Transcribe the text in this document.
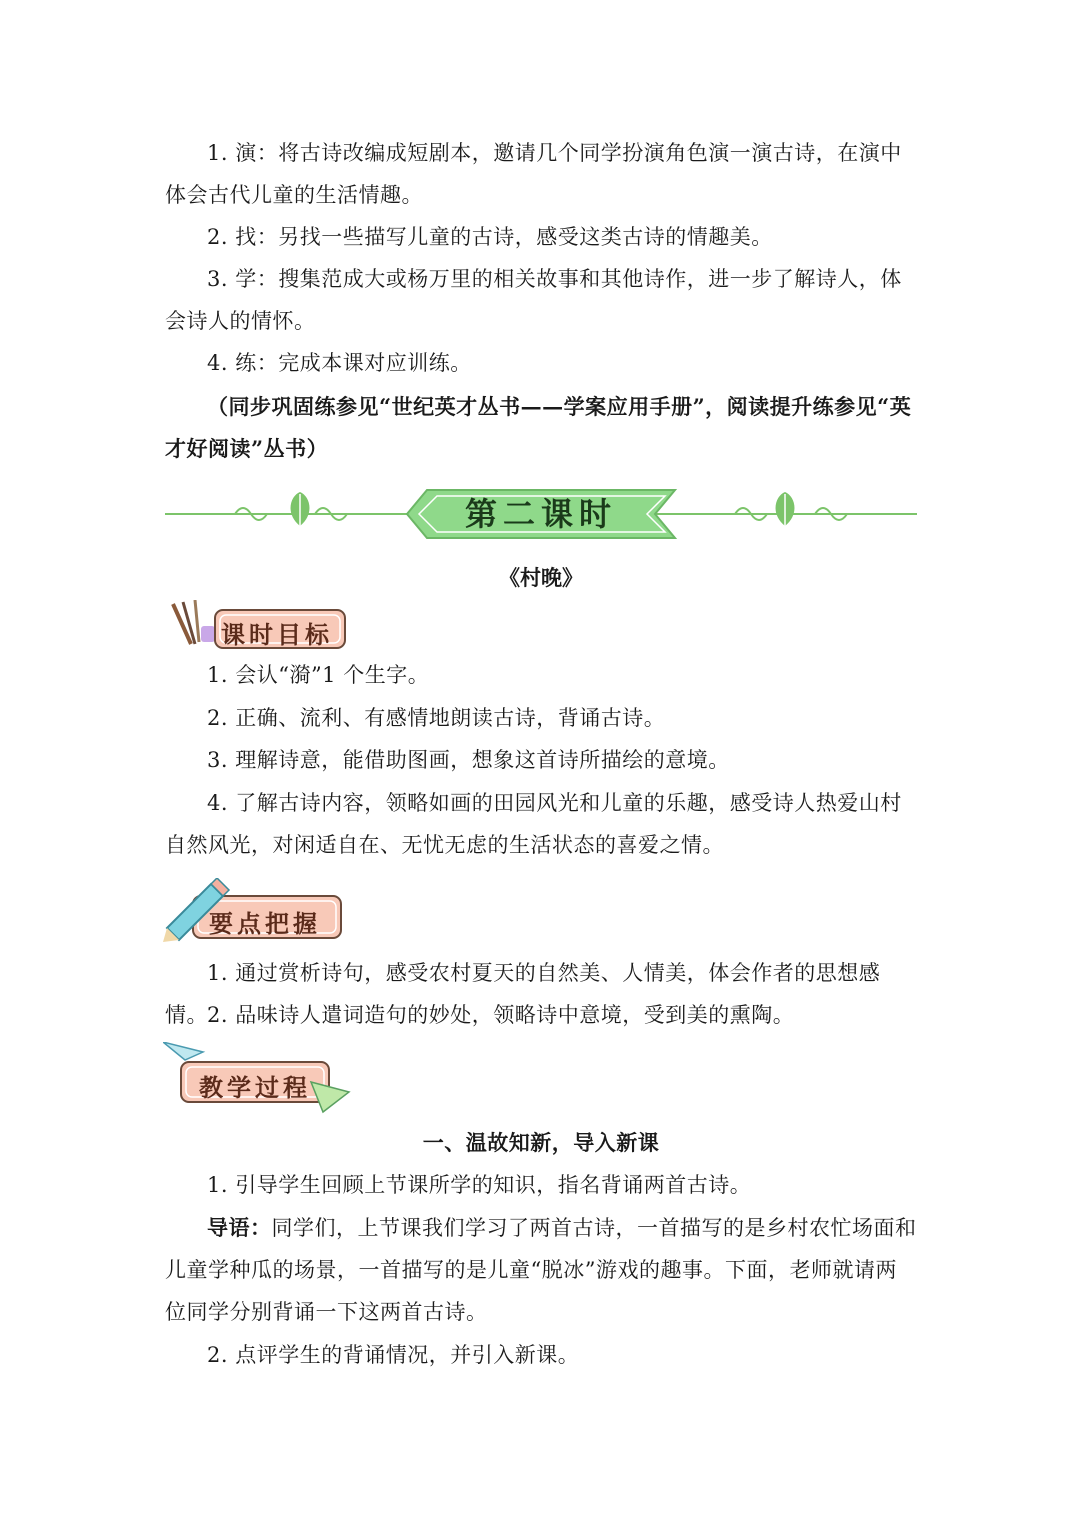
1. 演：将古诗改编成短剧本，邀请几个同学扮演角色演一演古诗，在演中体会古代儿童的生活情趣。

2. 找：另找一些描写儿童的古诗，感受这类古诗的情趣美。

3. 学：搜集范成大或杨万里的相关故事和其他诗作，进一步了解诗人，体会诗人的情怀。

4. 练：完成本课对应训练。

（同步巩固练参见“世纪英才丛书——学案应用手册”，阅读提升练参见“英才好阅读”丛书）

第二课时
《村晚》
课时目标

1. 会认“漪”1 个生字。

2. 正确、流利、有感情地朗读古诗，背诵古诗。

3. 理解诗意，能借助图画，想象这首诗所描绘的意境。

4. 了解古诗内容，领略如画的田园风光和儿童的乐趣，感受诗人热爱山村自然风光，对闲适自在、无忧无虑的生活状态的喜爱之情。

要点把握

1. 通过赏析诗句，感受农村夏天的自然美、人情美，体会作者的思想感情。 2. 品味诗人遣词造句的妙处，领略诗中意境，受到美的熏陶。

教学过程

一、温故知新，导入新课

1. 引导学生回顾上节课所学的知识，指名背诵两首古诗。

导语：同学们，上节课我们学习了两首古诗，一首描写的是乡村农忙场面和儿童学种瓜的场景，一首描写的是儿童“脱冰”游戏的趣事。下面，老师就请两位同学分别背诵一下这两首古诗。

2. 点评学生的背诵情况，并引入新课。
